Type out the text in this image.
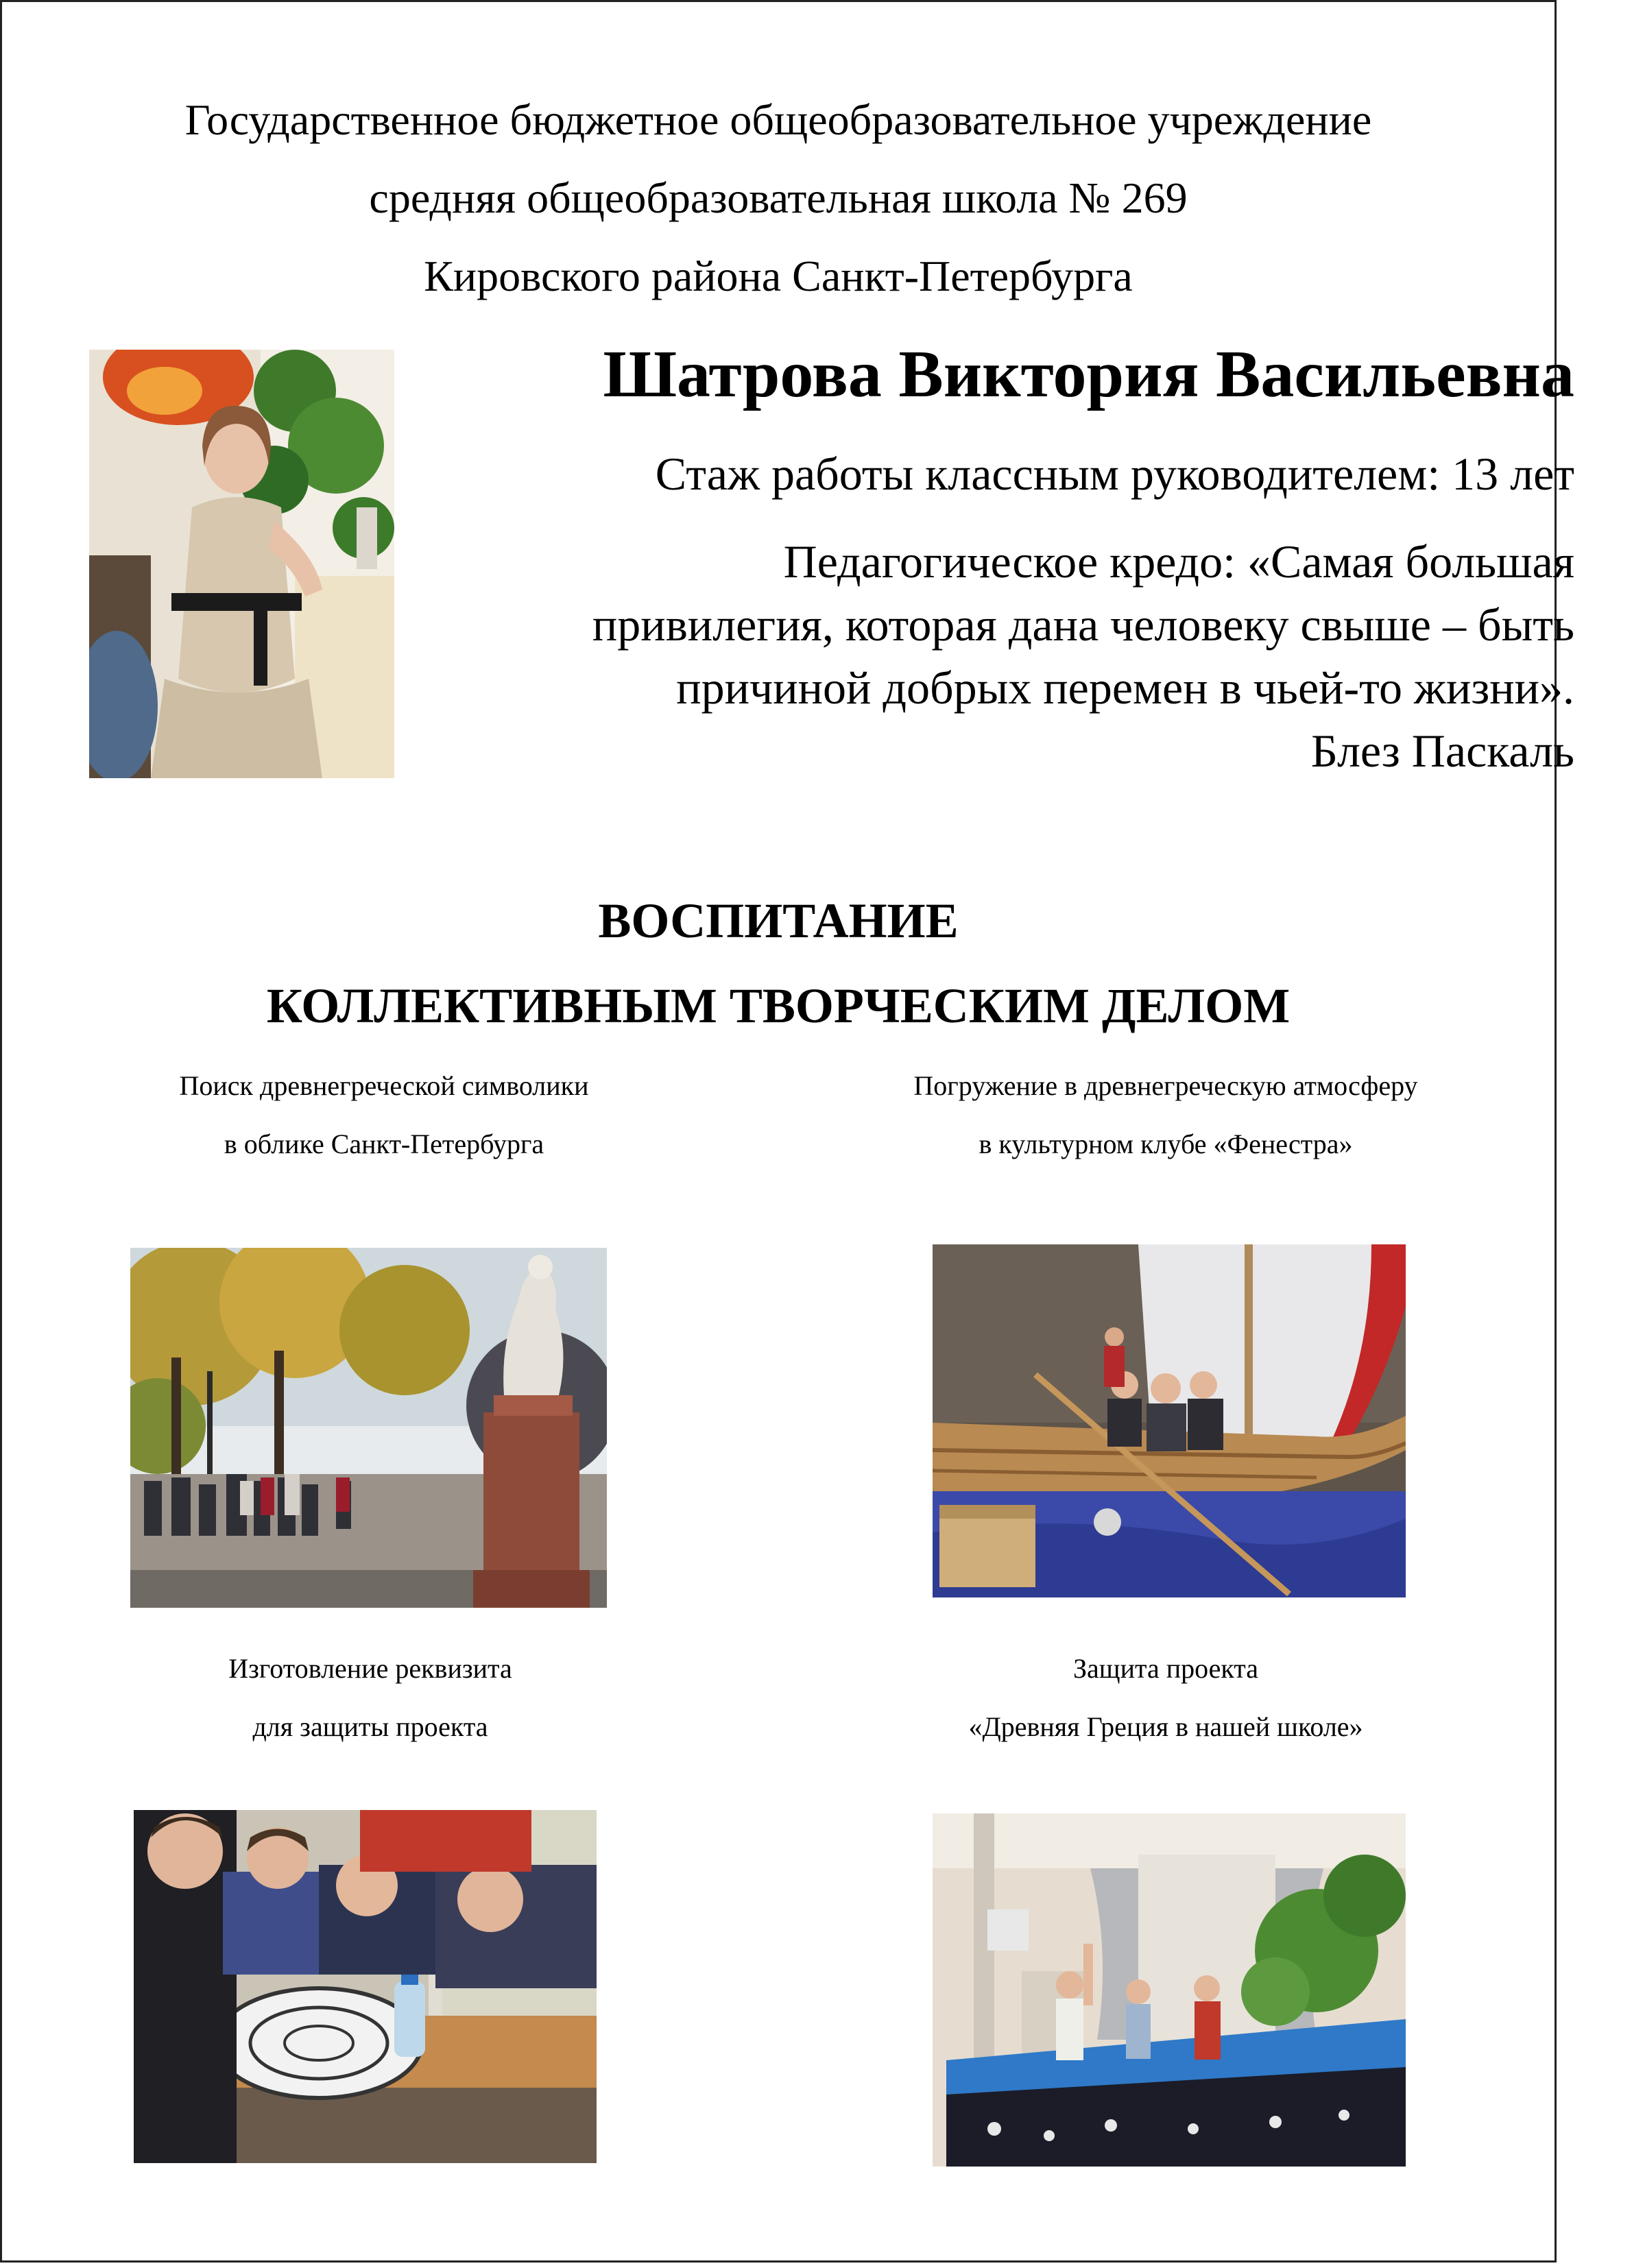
Государственное бюджетное общеобразовательное учреждение
средняя общеобразовательная школа № 269
Кировского района Санкт-Петербурга
Шатрова Виктория Васильевна
Стаж работы классным руководителем: 13 лет
Педагогическое кредо: «Самая большая
привилегия, которая дана человеку свыше – быть
причиной добрых перемен в чьей-то жизни».
Блез Паскаль
ВОСПИТАНИЕ
КОЛЛЕКТИВНЫМ ТВОРЧЕСКИМ ДЕЛОМ
Поиск древнегреческой символики
в облике Санкт-Петербурга
Погружение в древнегреческую атмосферу
в культурном клубе «Фенестра»
Изготовление реквизита
для защиты проекта
Защита проекта
«Древняя Греция в нашей школе»
